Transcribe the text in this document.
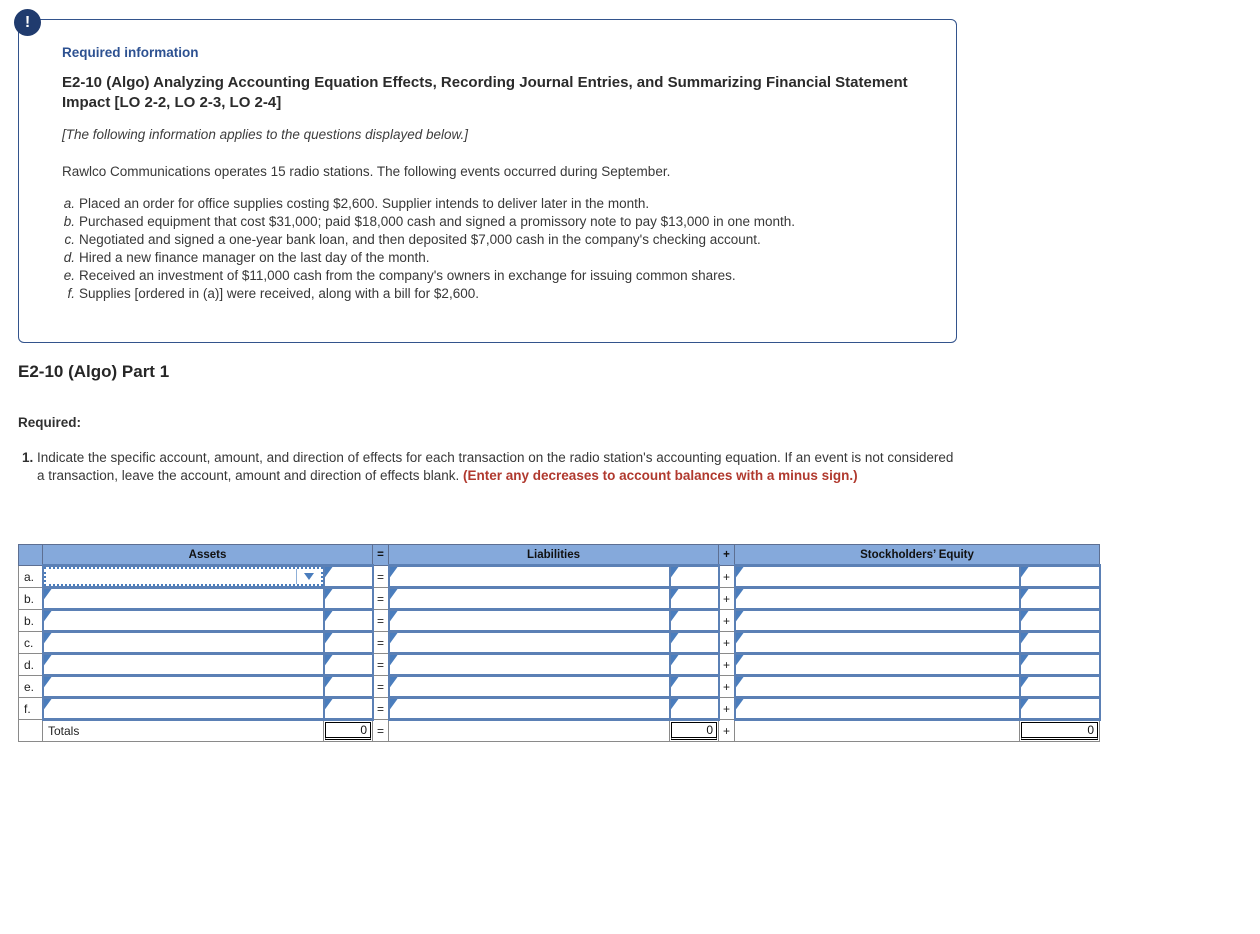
!
Required information
E2-10 (Algo) Analyzing Accounting Equation Effects, Recording Journal Entries, and Summarizing Financial Statement Impact [LO 2-2, LO 2-3, LO 2-4]
[The following information applies to the questions displayed below.]
Rawlco Communications operates 15 radio stations. The following events occurred during September.
a. Placed an order for office supplies costing $2,600. Supplier intends to deliver later in the month.
b. Purchased equipment that cost $31,000; paid $18,000 cash and signed a promissory note to pay $13,000 in one month.
c. Negotiated and signed a one-year bank loan, and then deposited $7,000 cash in the company's checking account.
d. Hired a new finance manager on the last day of the month.
e. Received an investment of $11,000 cash from the company's owners in exchange for issuing common shares.
f. Supplies [ordered in (a)] were received, along with a bill for $2,600.
E2-10 (Algo) Part 1
Required:
1. Indicate the specific account, amount, and direction of effects for each transaction on the radio station's accounting equation. If an event is not considered a transaction, leave the account, amount and direction of effects blank. (Enter any decreases to account balances with a minus sign.)
	Assets		=	Liabilities		+	Stockholders’ Equity	
a.			=			+	

b.			=			+	

b.			=			+	

c.			=			+	

d.			=			+	

e.			=			+	

f.			=			+	

	Totals	0	=		0	+		0
